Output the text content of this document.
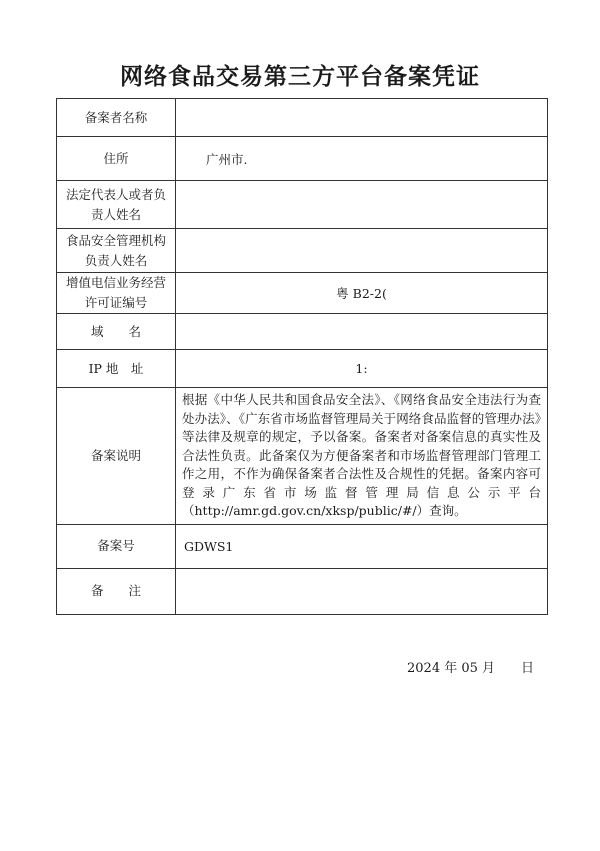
网络食品交易第三方平台备案凭证
备案者名称	
住所	广州市.

法定代表人或者负责人姓名	

食品安全管理机构负责人姓名	

增值电信业务经营许可证编号	粤 B2-2(
域　　名	
IP 地　址	1:
备案说明	根据《中华人民共和国食品安全法》、《网络食品安全违法行为查处办法》、《广东省市场监督管理局关于网络食品监督的管理办法》等法律及规章的规定，予以备案。备案者对备案信息的真实性及合法性负责。此备案仅为方便备案者和市场监督管理部门管理工作之用，不作为确保备案者合法性及合规性的凭据。备案内容可登录广东省市场监督管理局信息公示平台（http://amr.gd.gov.cn/xksp/public/#/）查询。
备案号	GDWS1
备　　注	
2024 年 05 月　　日
